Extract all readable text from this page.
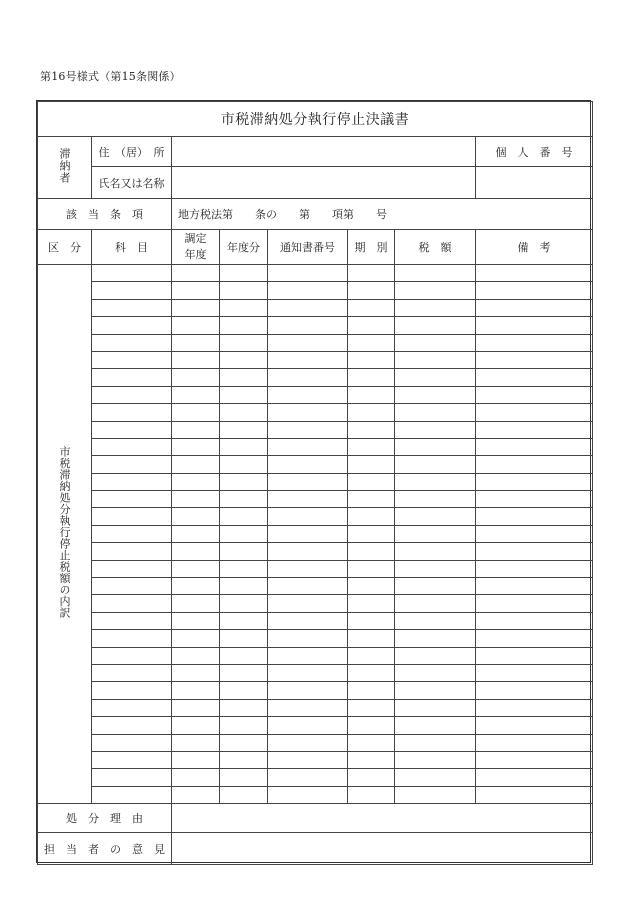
第16号様式（第15条関係）
市税滞納処分執行停止決議書							
滞納者	住　（居）　所						個　人　番　号
	氏名又は名称						
該　当　条　項		地方税法第　　条の　　第　　項第　　号					
区　分	科　目	調定年度	年度分	通知書番号	期　別	税　額	備　考
市税滞納処分執行停止税額の内訳							

処　分　理　由							
担　当　者　の　意　見							
